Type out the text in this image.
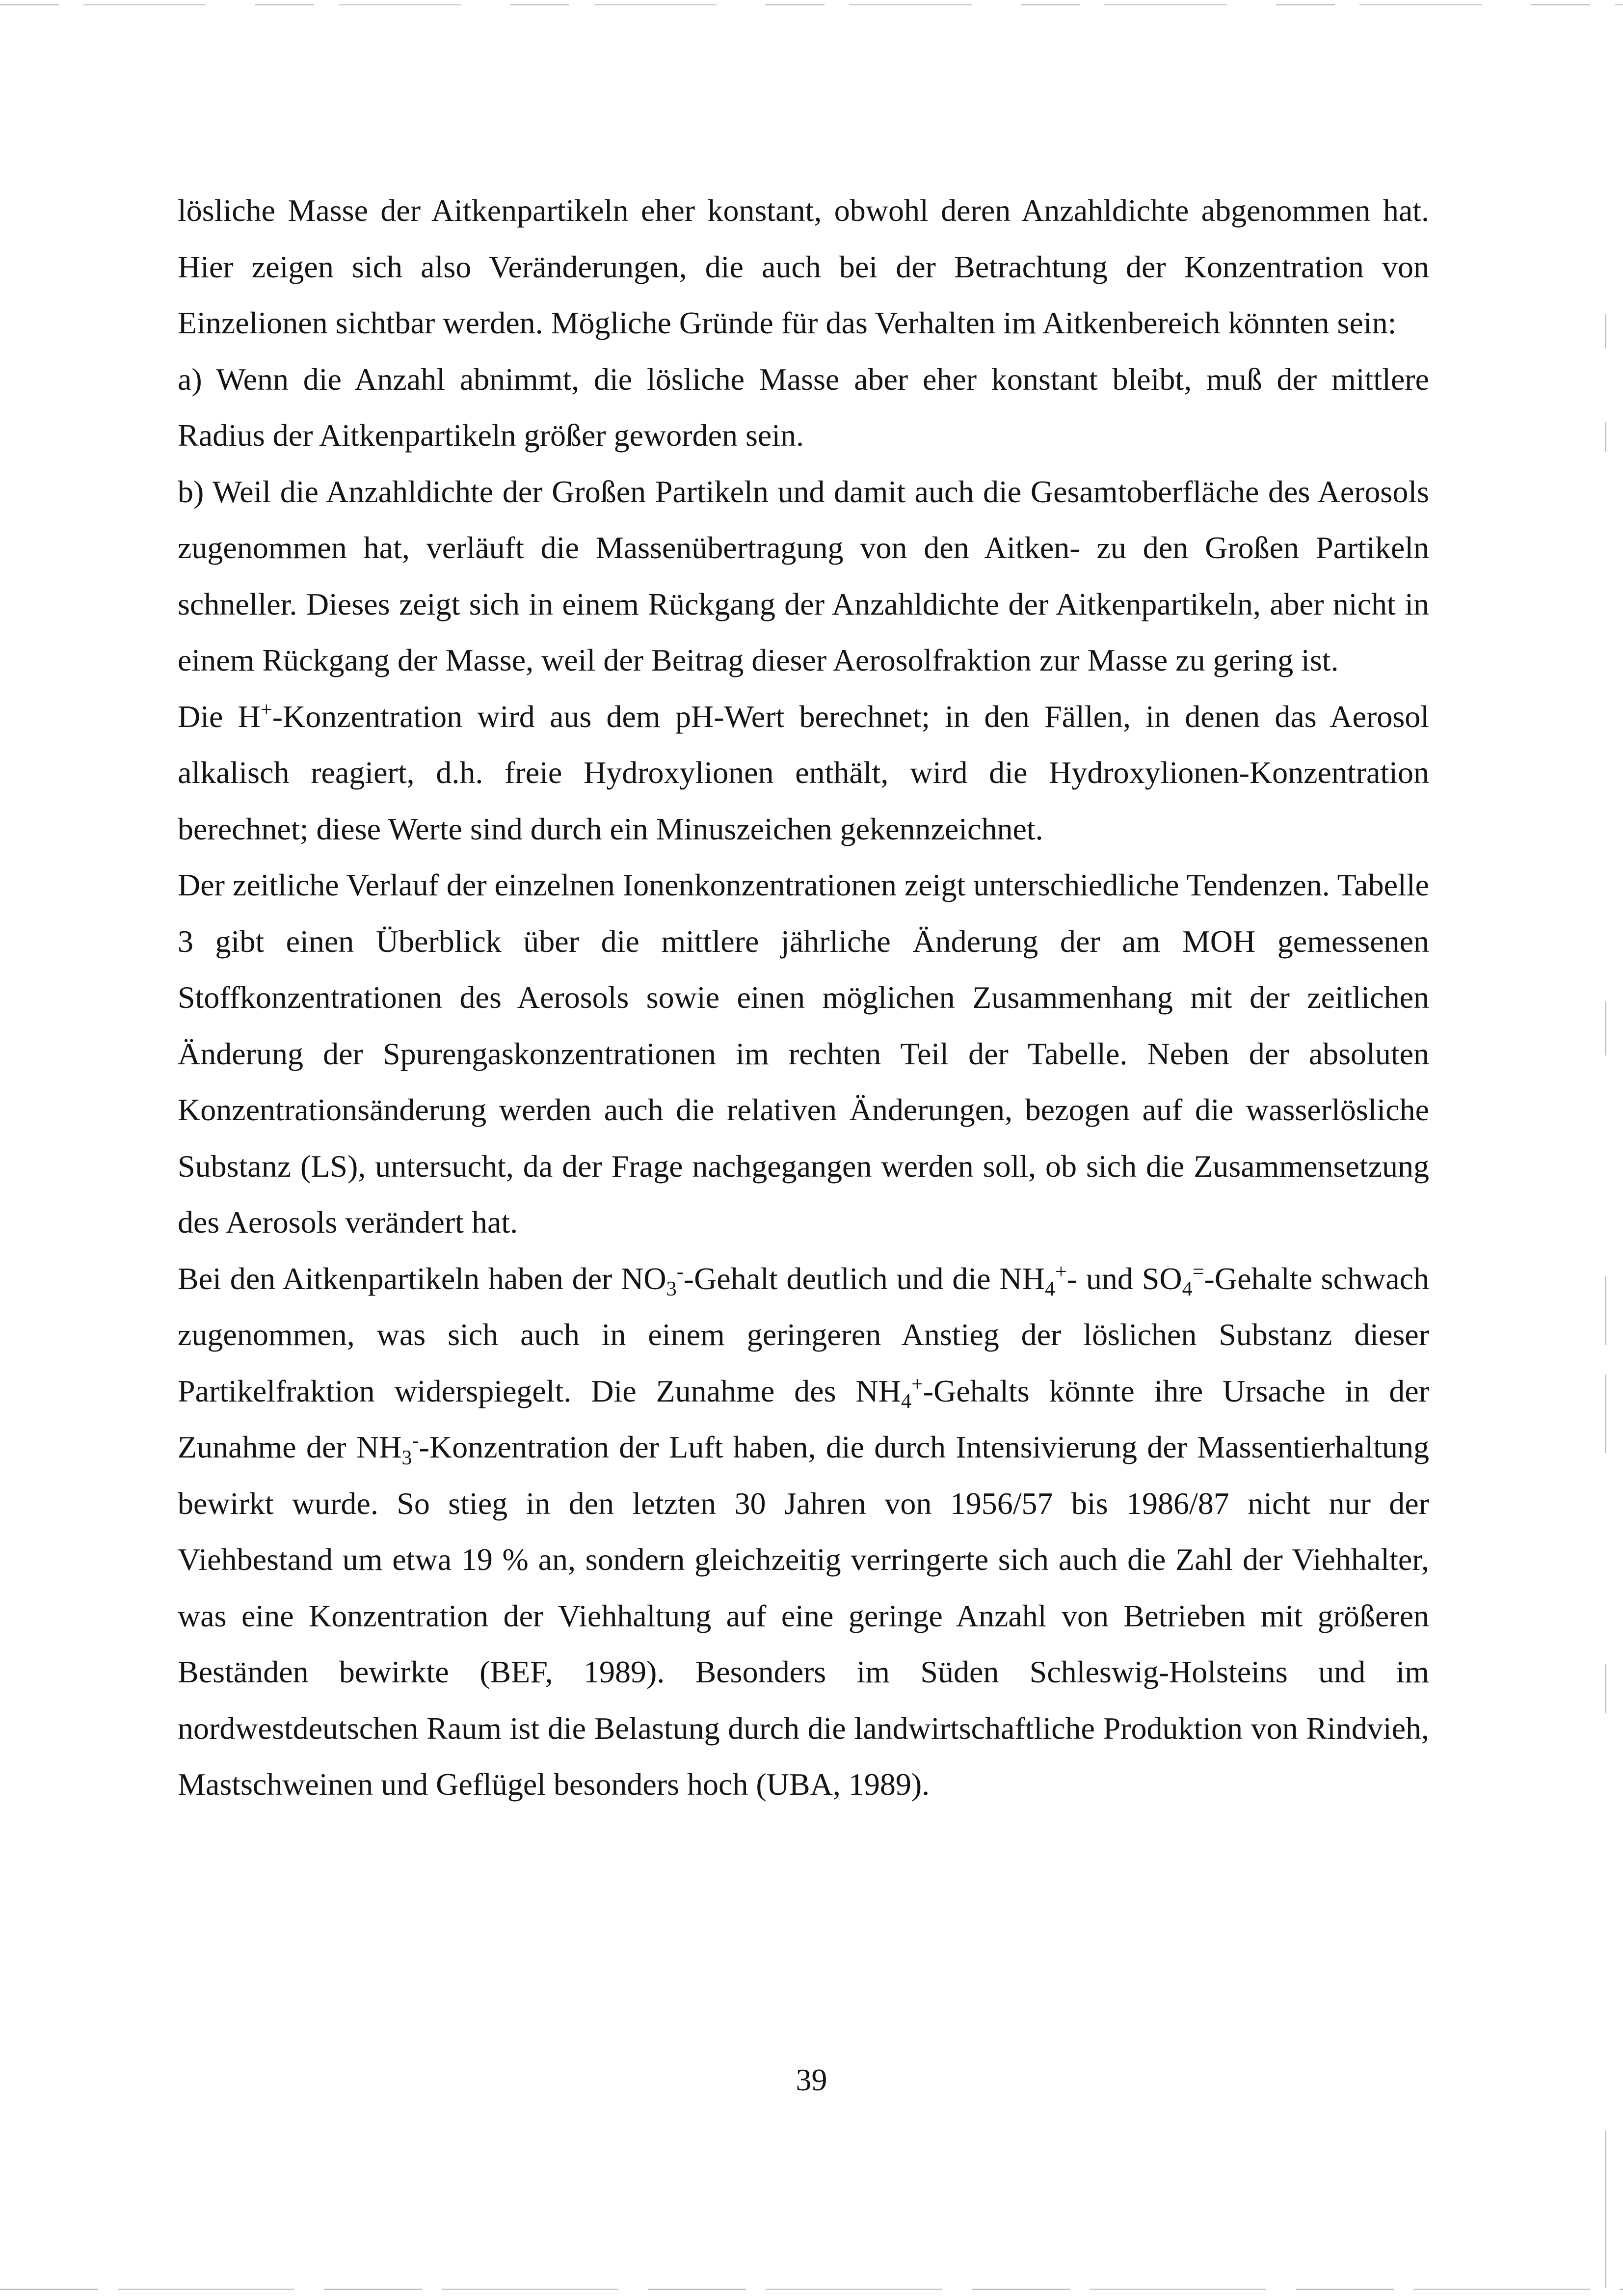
lösliche Masse der Aitkenpartikeln eher konstant, obwohl deren Anzahldichte abgenommen hat. Hier zeigen sich also Veränderungen, die auch bei der Betrachtung der Konzentration von Einzelionen sichtbar werden. Mögliche Gründe für das Verhalten im Aitkenbereich könnten sein:

a) Wenn die Anzahl abnimmt, die lösliche Masse aber eher konstant bleibt, muß der mittlere Radius der Aitkenpartikeln größer geworden sein.

b) Weil die Anzahldichte der Großen Partikeln und damit auch die Gesamtoberfläche des Aerosols zugenommen hat, verläuft die Massenübertragung von den Aitken- zu den Großen Partikeln schneller. Dieses zeigt sich in einem Rückgang der Anzahldichte der Aitkenpartikeln, aber nicht in einem Rückgang der Masse, weil der Beitrag dieser Aerosolfraktion zur Masse zu gering ist.

Die H+-Konzentration wird aus dem pH-Wert berechnet; in den Fällen, in denen das Aerosol alkalisch reagiert, d.h. freie Hydroxylionen enthält, wird die Hydroxylionen-Konzentration berechnet; diese Werte sind durch ein Minuszeichen gekennzeichnet.

Der zeitliche Verlauf der einzelnen Ionenkonzentrationen zeigt unterschiedliche Tendenzen. Tabelle 3 gibt einen Überblick über die mittlere jährliche Änderung der am MOH gemessenen Stoffkonzentrationen des Aerosols sowie einen möglichen Zusammenhang mit der zeitlichen Änderung der Spurengaskonzentrationen im rechten Teil der Tabelle. Neben der absoluten Konzentrationsänderung werden auch die relativen Änderungen, bezogen auf die wasserlösliche Substanz (LS), untersucht, da der Frage nachgegangen werden soll, ob sich die Zusammensetzung des Aerosols verändert hat.

Bei den Aitkenpartikeln haben der $NO_3^-$-Gehalt deutlich und die $NH_4^+-$ und $SO_4^=$-Gehalte schwach zugenommen, was sich auch in einem geringeren Anstieg der löslichen Substanz dieser Partikelfraktion widerspiegelt. Die Zunahme des $NH_4^+$-Gehalts könnte ihre Ursache in der Zunahme der $NH_3^-$-Konzentration der Luft haben, die durch Intensivierung der Massentierhaltung bewirkt wurde. So stieg in den letzten 30 Jahren von 1956/57 bis 1986/87 nicht nur der Viehbestand um etwa 19 % an, sondern gleichzeitig verringerte sich auch die Zahl der Viehhalter, was eine Konzentration der Viehhaltung auf eine geringe Anzahl von Betrieben mit größeren Beständen bewirkte (BEF, 1989). Besonders im Süden Schleswig-Holsteins und im nordwestdeutschen Raum ist die Belastung durch die landwirtschaftliche Produktion von Rindvieh, Mastschweinen und Geflügel besonders hoch (UBA, 1989).

39
